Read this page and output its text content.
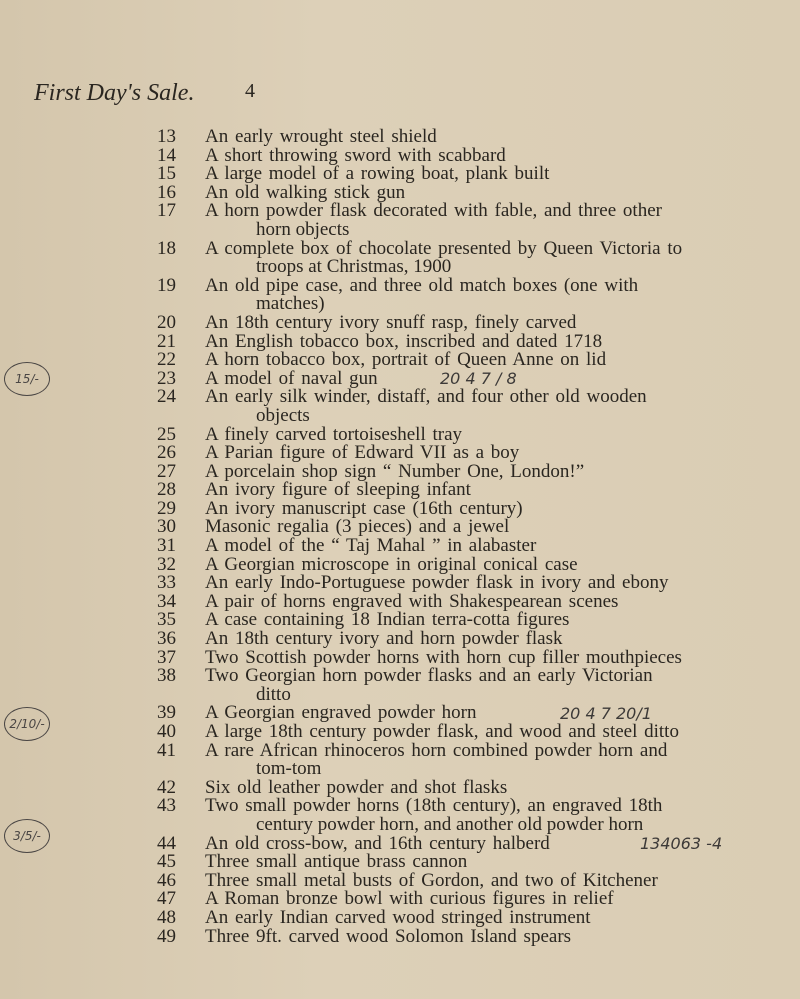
First Day's Sale.	4
13 An early wrought steel shield
14 A short throwing sword with scabbard
15 A large model of a rowing boat, plank built
16 An old walking stick gun
17 A horn powder flask decorated with fable, and three other
horn objects
18 A complete box of chocolate presented by Queen Victoria to
troops at Christmas, 1900
19 An old pipe case, and three old match boxes (one with
matches)
20 An 18th century ivory snuff rasp, finely carved
21 An English tobacco box, inscribed and dated 1718
22 A horn tobacco box, portrait of Queen Anne on lid
23 A model of naval gun
24 An early silk winder, distaff, and four other old wooden
objects
25 A finely carved tortoiseshell tray
26 A Parian figure of Edward VII as a boy
27 A porcelain shop sign “ Number One, London!”
28 An ivory figure of sleeping infant
29 An ivory manuscript case (16th century)
30 Masonic regalia (3 pieces) and a jewel
31 A model of the “ Taj Mahal ” in alabaster
32 A Georgian microscope in original conical case
33 An early Indo-Portuguese powder flask in ivory and ebony
34 A pair of horns engraved with Shakespearean scenes
35 A case containing 18 Indian terra-cotta figures
36 An 18th century ivory and horn powder flask
37 Two Scottish powder horns with horn cup filler mouthpieces
38 Two Georgian horn powder flasks and an early Victorian
ditto
39 A Georgian engraved powder horn
40 A large 18th century powder flask, and wood and steel ditto
41 A rare African rhinoceros horn combined powder horn and
tom-tom
42 Six old leather powder and shot flasks
43 Two small powder horns (18th century), an engraved 18th
century powder horn, and another old powder horn
44 An old cross-bow, and 16th century halberd
45 Three small antique brass cannon
46 Three small metal busts of Gordon, and two of Kitchener
47 A Roman bronze bowl with curious figures in relief
48 An early Indian carved wood stringed instrument
49 Three 9ft. carved wood Solomon Island spears
15/-	20 4 7 / 8
2/10/-
20 4 7 20/1
3/5/-	134063 -4
